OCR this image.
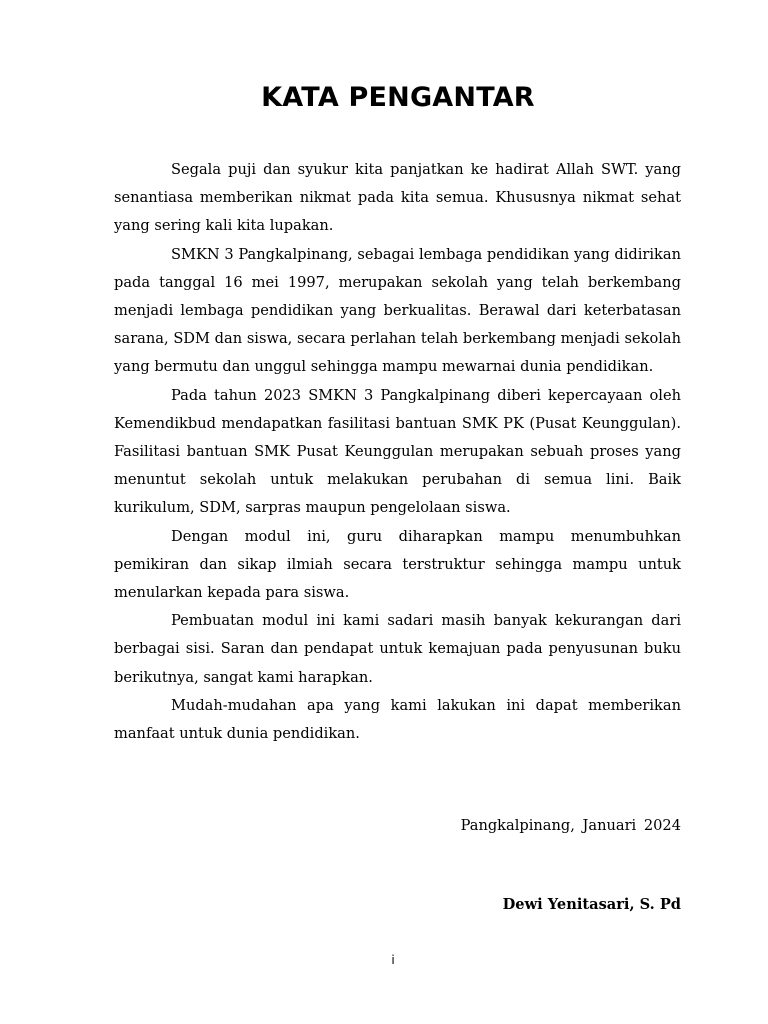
KATA PENGANTAR

Segala puji dan syukur kita panjatkan ke hadirat Allah SWT. yang senantiasa memberikan nikmat pada kita semua. Khususnya nikmat sehat yang sering kali kita lupakan.

SMKN 3 Pangkalpinang, sebagai lembaga pendidikan yang didirikan pada tanggal 16 mei 1997, merupakan sekolah yang telah berkembang menjadi lembaga pendidikan yang berkualitas. Berawal dari keterbatasan sarana, SDM dan siswa, secara perlahan telah berkembang menjadi sekolah yang bermutu dan unggul sehingga mampu mewarnai dunia pendidikan.

Pada tahun 2023 SMKN 3 Pangkalpinang diberi kepercayaan oleh Kemendikbud mendapatkan fasilitasi bantuan SMK PK (Pusat Keunggulan). Fasilitasi bantuan SMK Pusat Keunggulan merupakan sebuah proses yang menuntut sekolah untuk melakukan perubahan di semua lini. Baik kurikulum, SDM, sarpras maupun pengelolaan siswa.

Dengan modul ini, guru diharapkan mampu menumbuhkan pemikiran dan sikap ilmiah secara terstruktur sehingga mampu untuk menularkan kepada para siswa.

Pembuatan modul ini kami sadari masih banyak kekurangan dari berbagai sisi. Saran dan pendapat untuk kemajuan pada penyusunan buku berikutnya, sangat kami harapkan.

Mudah-mudahan apa yang kami lakukan ini dapat memberikan manfaat untuk dunia pendidikan.

Pangkalpinang, Januari 2024
Dewi Yenitasari, S. Pd
i
